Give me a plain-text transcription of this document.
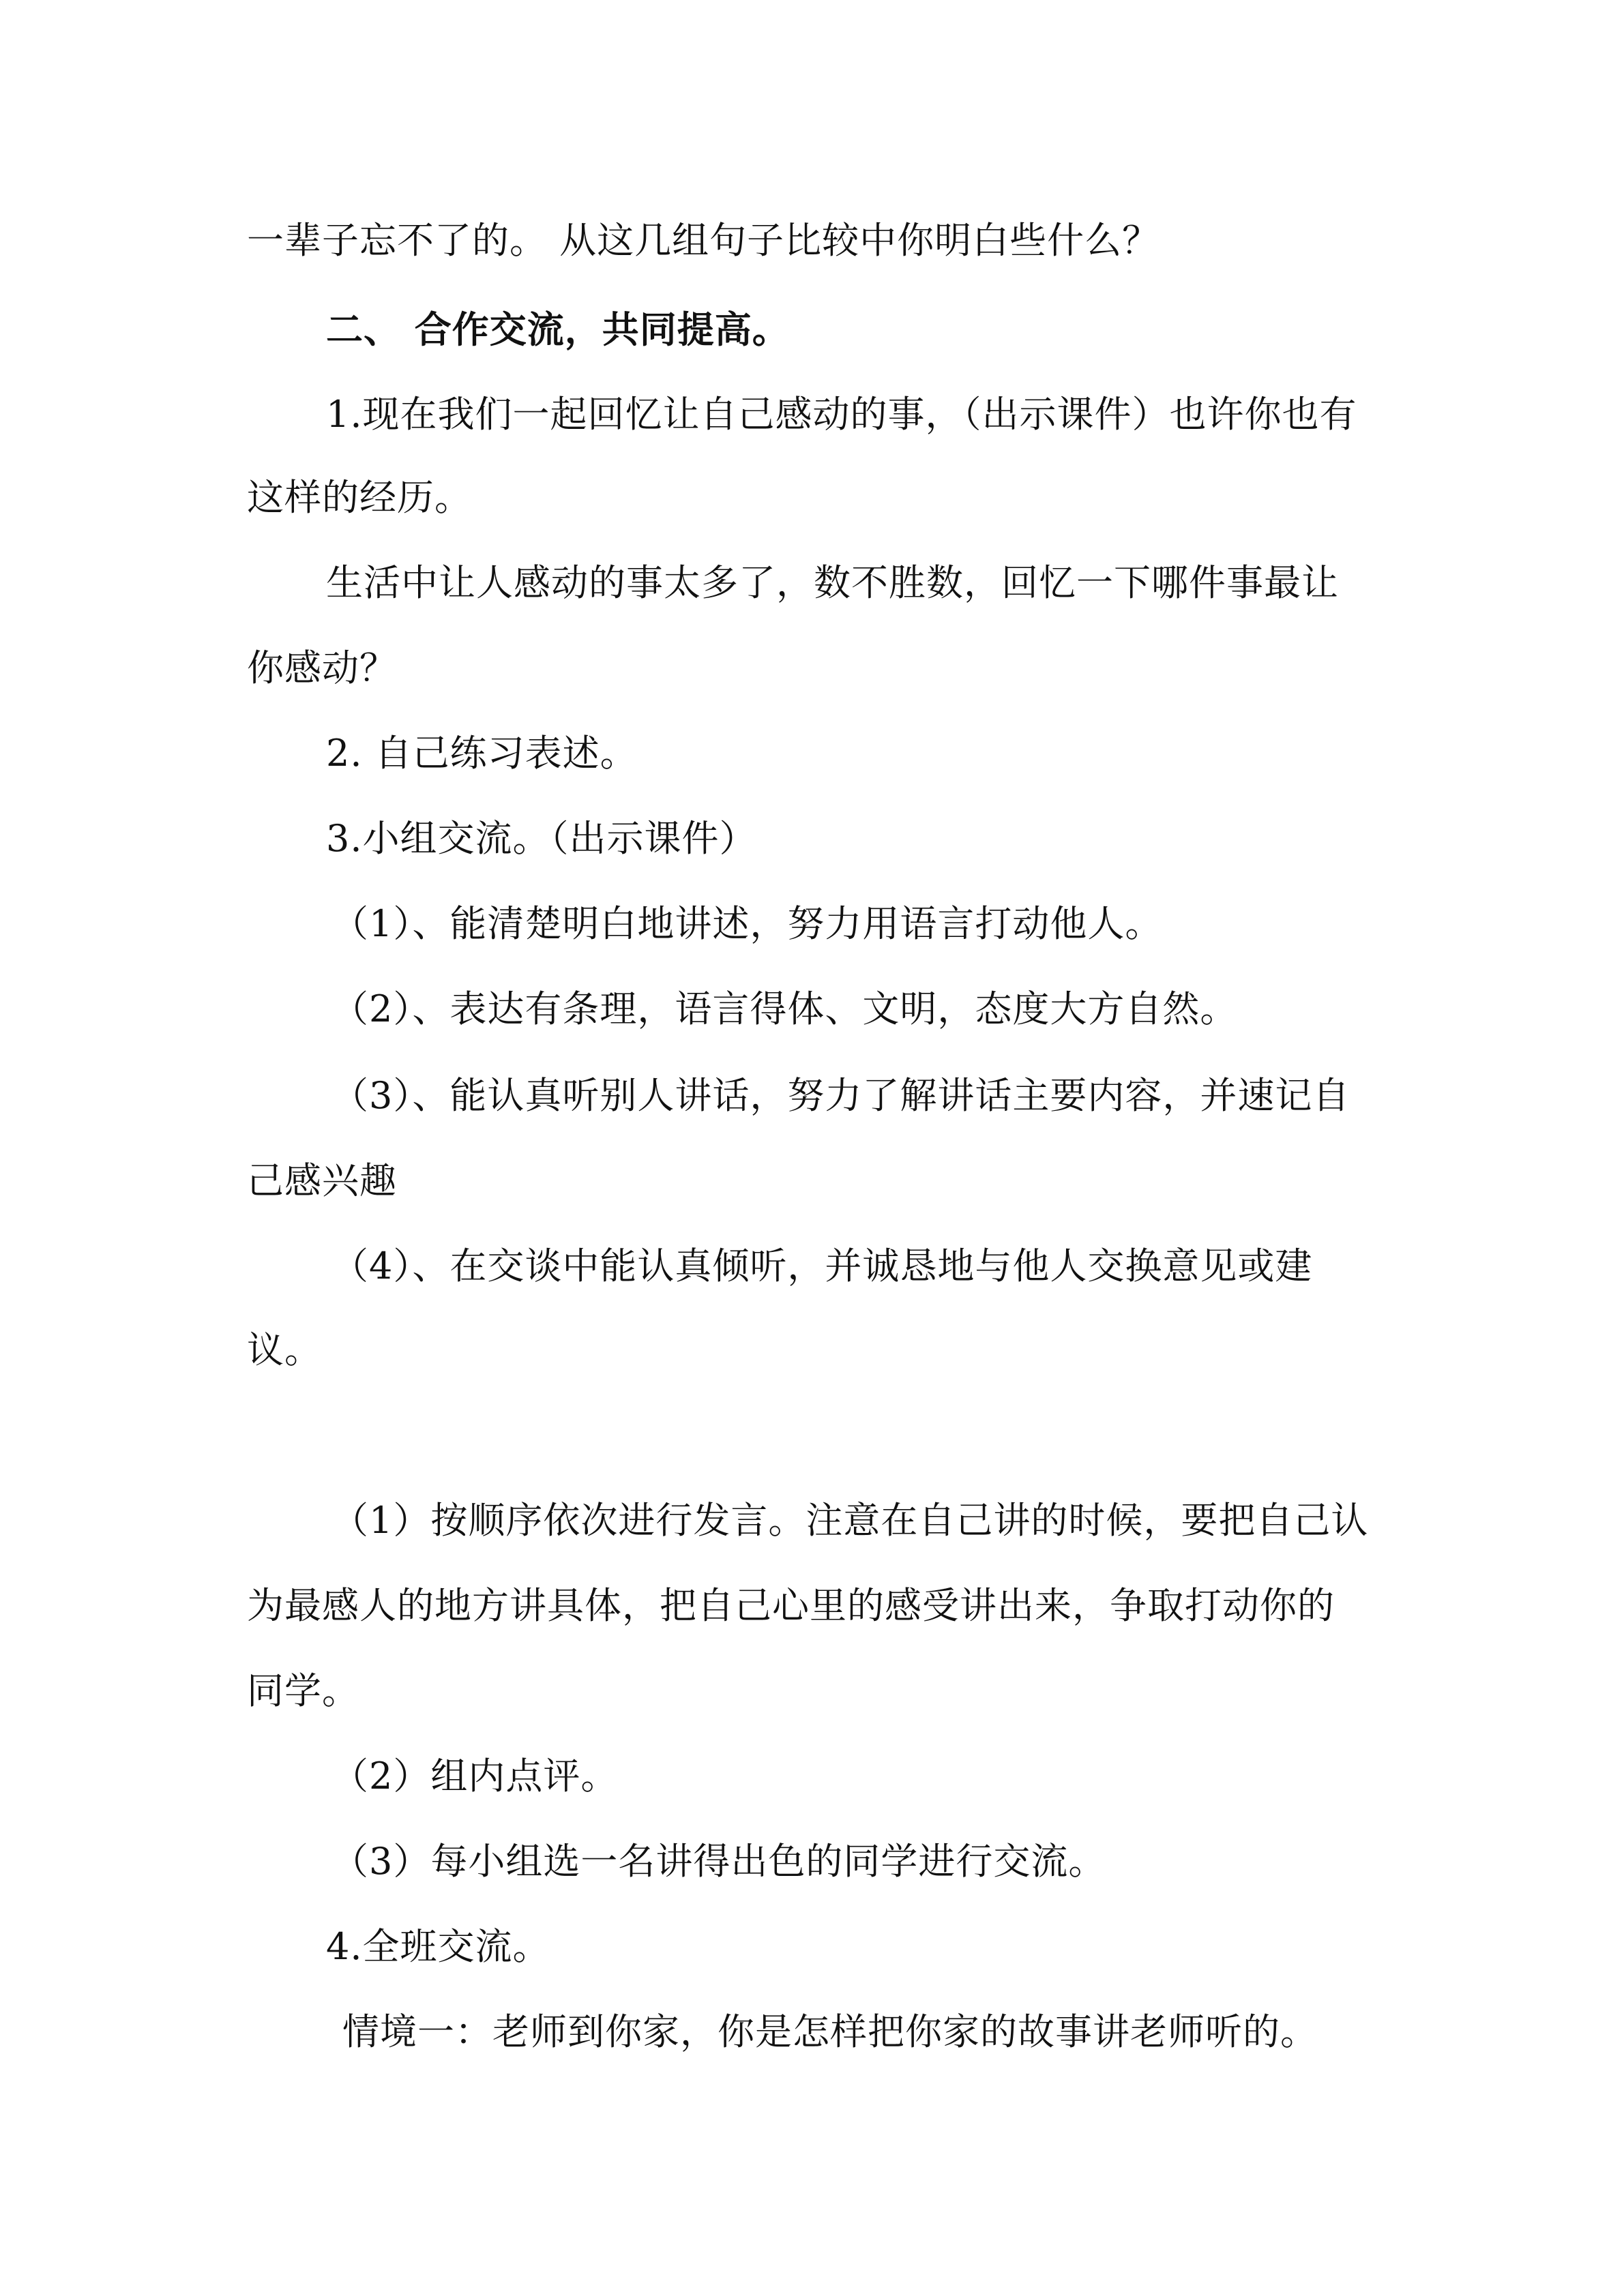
一辈子忘不了的。 从这几组句子比较中你明白些什么？

二、 合作交流，共同提高。

1.现在我们一起回忆让自己感动的事，（出示课件）也许你也有

这样的经历。

生活中让人感动的事太多了，数不胜数，回忆一下哪件事最让

你感动？

2. 自己练习表述。

3.小组交流。（出示课件）

（1）、能清楚明白地讲述，努力用语言打动他人。

（2）、表达有条理，语言得体、文明，态度大方自然。

（3）、能认真听别人讲话，努力了解讲话主要内容，并速记自

己感兴趣

（4）、在交谈中能认真倾听，并诚恳地与他人交换意见或建

议。

（1）按顺序依次进行发言。注意在自己讲的时候，要把自己认

为最感人的地方讲具体，把自己心里的感受讲出来，争取打动你的

同学。

（2）组内点评。

（3）每小组选一名讲得出色的同学进行交流。

4.全班交流。

情境一：老师到你家，你是怎样把你家的故事讲老师听的。
